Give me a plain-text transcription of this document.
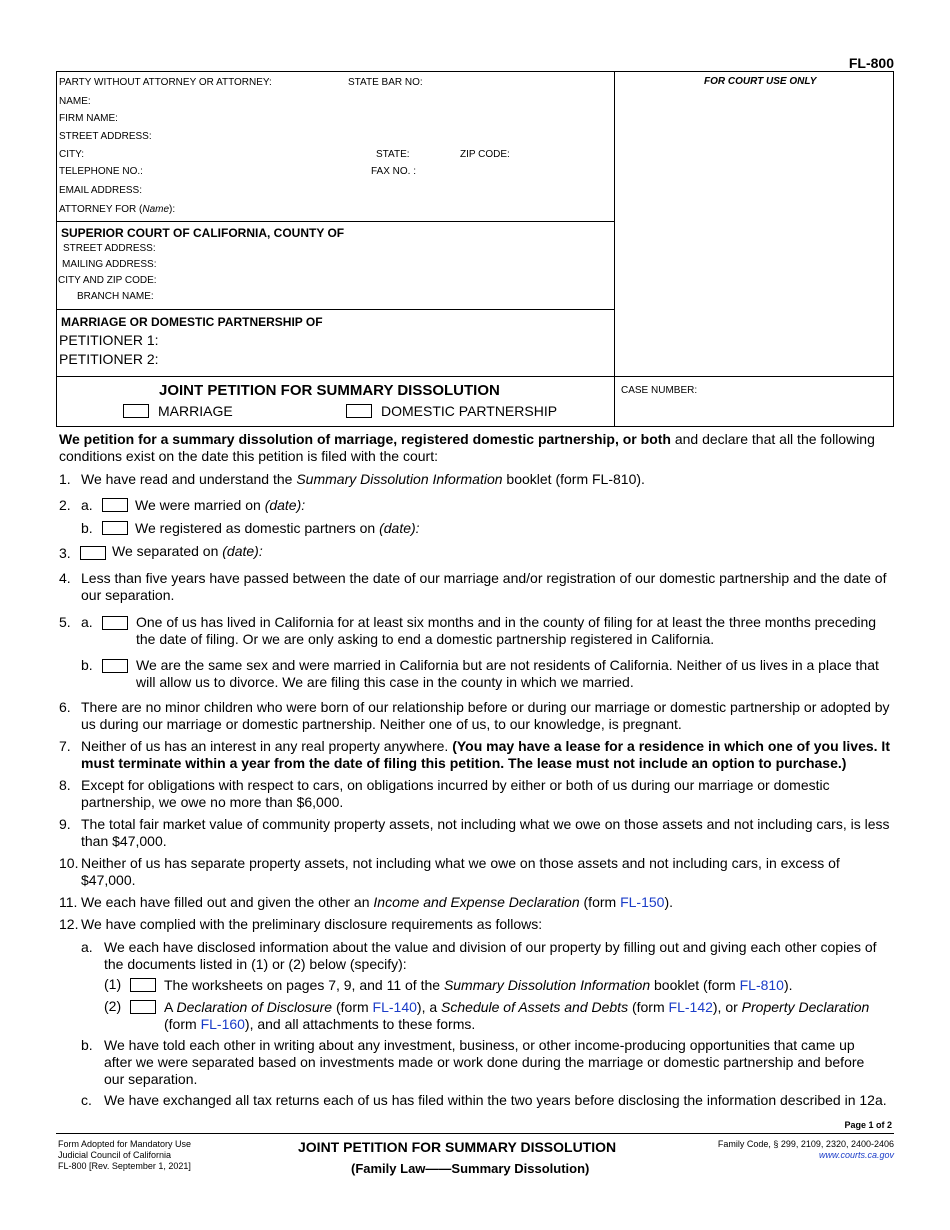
FL-800
PARTY WITHOUT ATTORNEY OR ATTORNEY:	STATE BAR NO:
NAME:
FIRM NAME:
STREET ADDRESS:
CITY:	STATE:	ZIP CODE:
TELEPHONE NO.:	FAX NO. :
EMAIL ADDRESS:
ATTORNEY FOR (Name):
FOR COURT USE ONLY
SUPERIOR COURT OF CALIFORNIA, COUNTY OF
STREET ADDRESS:
MAILING ADDRESS:
CITY AND ZIP CODE:
BRANCH NAME:
MARRIAGE OR DOMESTIC PARTNERSHIP OF
PETITIONER 1:
PETITIONER 2:
JOINT PETITION FOR SUMMARY DISSOLUTION
MARRIAGE	DOMESTIC PARTNERSHIP
CASE NUMBER:
We petition for a summary dissolution of marriage, registered domestic partnership, or both and declare that all the following
conditions exist on the date this petition is filed with the court:
1. We have read and understand the Summary Dissolution Information booklet (form FL-810).
2. a.	We were married on (date):
b.	We registered as domestic partners on (date):
3.	We separated on (date):
4. Less than five years have passed between the date of our marriage and/or registration of our domestic partnership and the date of
our separation.
5. a.	One of us has lived in California for at least six months and in the county of filing for at least the three months preceding
the date of filing. Or we are only asking to end a domestic partnership registered in California.
b.	We are the same sex and were married in California but are not residents of California. Neither of us lives in a place that
will allow us to divorce. We are filing this case in the county in which we married.
6. There are no minor children who were born of our relationship before or during our marriage or domestic partnership or adopted by
us during our marriage or domestic partnership. Neither one of us, to our knowledge, is pregnant.
7. Neither of us has an interest in any real property anywhere. (You may have a lease for a residence in which one of you lives. It
must terminate within a year from the date of filing this petition. The lease must not include an option to purchase.)
8. Except for obligations with respect to cars, on obligations incurred by either or both of us during our marriage or domestic
partnership, we owe no more than $6,000.
9. The total fair market value of community property assets, not including what we owe on those assets and not including cars, is less
than $47,000.
10. Neither of us has separate property assets, not including what we owe on those assets and not including cars, in excess of
$47,000.
11. We each have filled out and given the other an Income and Expense Declaration (form FL-150).
12. We have complied with the preliminary disclosure requirements as follows:
a. We each have disclosed information about the value and division of our property by filling out and giving each other copies of
the documents listed in (1) or (2) below (specify):
(1)	The worksheets on pages 7, 9, and 11 of the Summary Dissolution Information booklet (form FL-810).
(2)	A Declaration of Disclosure (form FL-140), a Schedule of Assets and Debts (form FL-142), or Property Declaration
(form FL-160), and all attachments to these forms.
b. We have told each other in writing about any investment, business, or other income-producing opportunities that came up
after we were separated based on investments made or work done during the marriage or domestic partnership and before
our separation.
c. We have exchanged all tax returns each of us has filed within the two years before disclosing the information described in 12a.
Page 1 of 2
Form Adopted for Mandatory Use
Judicial Council of California
FL-800 [Rev. September 1, 2021]
JOINT PETITION FOR SUMMARY DISSOLUTION
(Family Law——Summary Dissolution)
Family Code, § 299, 2109, 2320, 2400-2406
www.courts.ca.gov
